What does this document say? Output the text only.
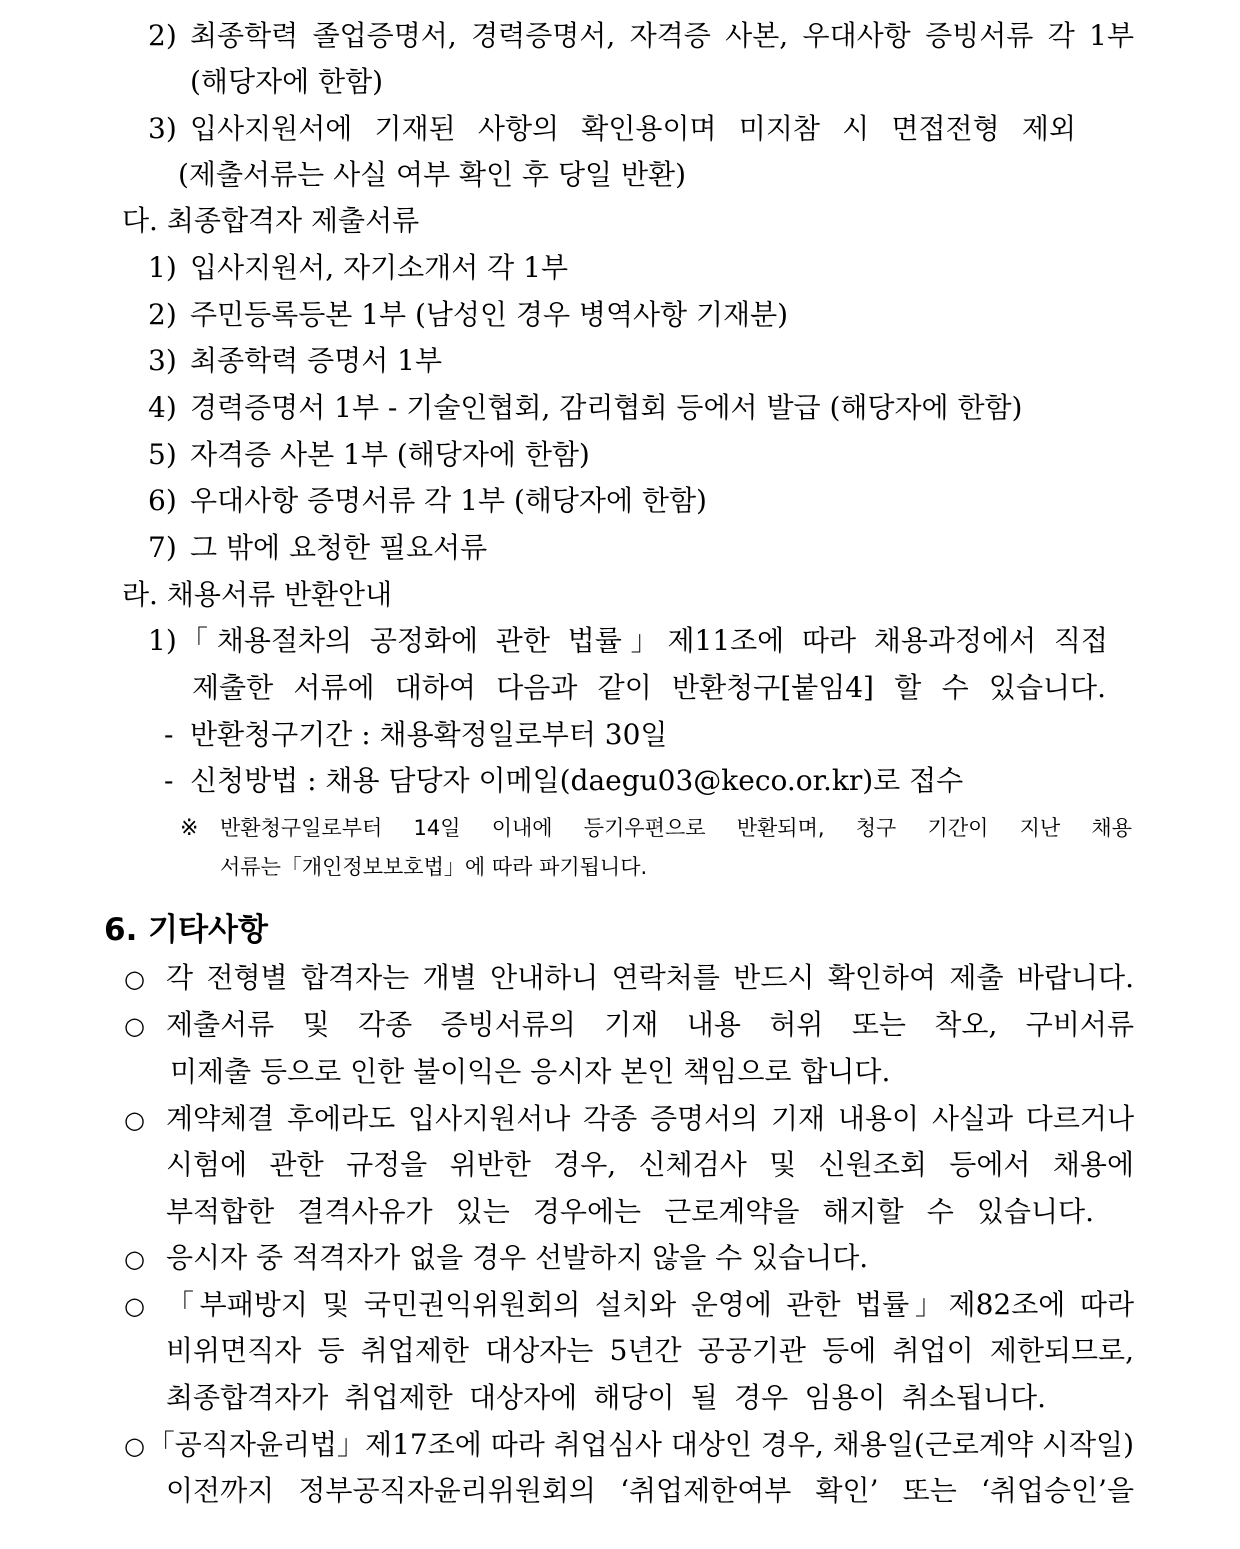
2) 최종학력 졸업증명서, 경력증명서, 자격증 사본, 우대사항 증빙서류 각 1부
(해당자에 한함)
3) 입사지원서에 기재된 사항의 확인용이며 미지참 시 면접전형 제외
(제출서류는 사실 여부 확인 후 당일 반환)
다. 최종합격자 제출서류
1) 입사지원서, 자기소개서 각 1부
2) 주민등록등본 1부 (남성인 경우 병역사항 기재분)
3) 최종학력 증명서 1부
4) 경력증명서 1부 - 기술인협회, 감리협회 등에서 발급 (해당자에 한함)
5) 자격증 사본 1부 (해당자에 한함)
6) 우대사항 증명서류 각 1부 (해당자에 한함)
7) 그 밖에 요청한 필요서류
라. 채용서류 반환안내
1) 「채용절차의 공정화에 관한 법률」제11조에 따라 채용과정에서 직접
제출한 서류에 대하여 다음과 같이 반환청구[붙임4] 할 수 있습니다.
- 반환청구기간 : 채용확정일로부터 30일
- 신청방법 : 채용 담당자 이메일(daegu03@keco.or.kr)로 접수
※	반환청구일로부터 14일 이내에 등기우편으로 반환되며, 청구 기간이 지난 채용
서류는「개인정보보호법」에 따라 파기됩니다.
6. 기타사항
○ 각 전형별 합격자는 개별 안내하니 연락처를 반드시 확인하여 제출 바랍니다.
○ 제출서류 및 각종 증빙서류의 기재 내용 허위 또는 착오, 구비서류
미제출 등으로 인한 불이익은 응시자 본인 책임으로 합니다.
○ 계약체결 후에라도 입사지원서나 각종 증명서의 기재 내용이 사실과 다르거나
시험에 관한 규정을 위반한 경우, 신체검사 및 신원조회 등에서 채용에
부적합한 결격사유가 있는 경우에는 근로계약을 해지할 수 있습니다.
○ 응시자 중 적격자가 없을 경우 선발하지 않을 수 있습니다.
○ 「부패방지 및 국민권익위원회의 설치와 운영에 관한 법률」제82조에 따라
비위면직자 등 취업제한 대상자는 5년간 공공기관 등에 취업이 제한되므로,
최종합격자가 취업제한 대상자에 해당이 될 경우 임용이 취소됩니다.
○ 「공직자윤리법」제17조에 따라 취업심사 대상인 경우, 채용일(근로계약 시작일)
이전까지 정부공직자윤리위원회의 ‘취업제한여부 확인’ 또는 ‘취업승인’을
